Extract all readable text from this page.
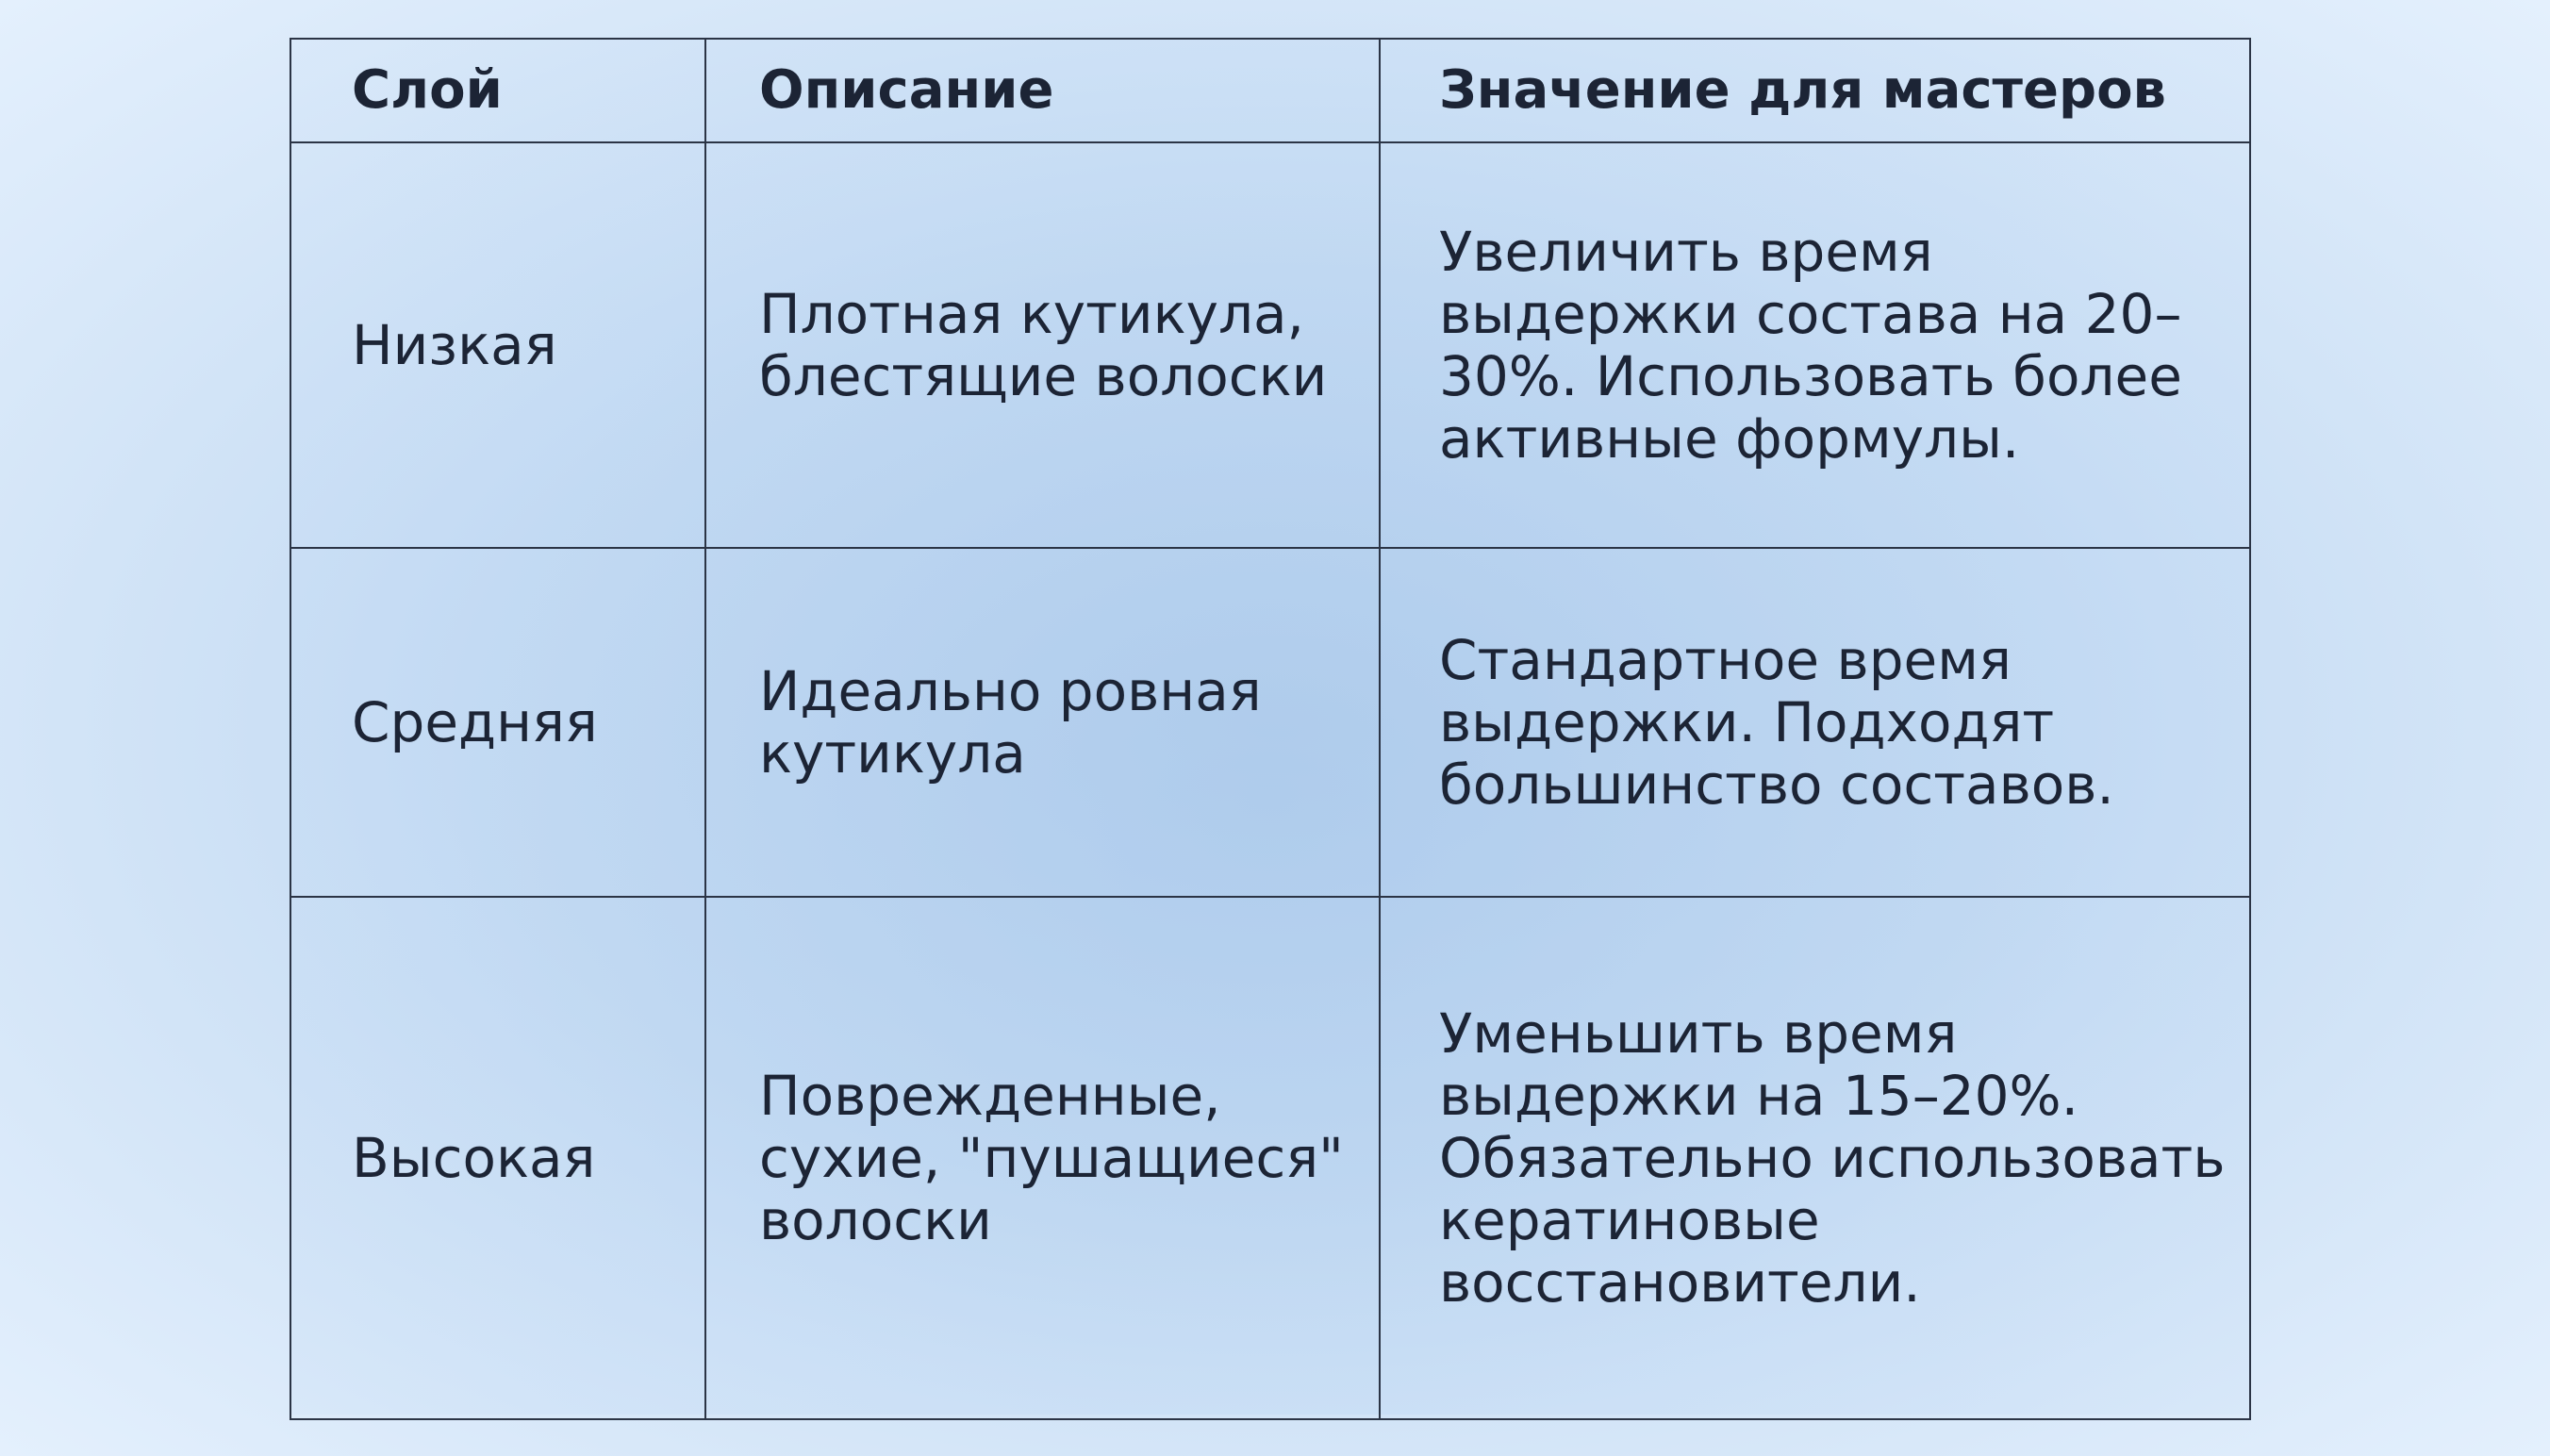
Слой	Описание	Значение для мастеров
Низкая	Плотная кутикула, блестящие волоски	Увеличить время выдержки состава на 20–30%. Использовать более активные формулы.
Средняя	Идеально ровная кутикула	Стандартное время выдержки. Подходят большинство составов.
Высокая	Поврежденные, сухие, "пушащиеся" волоски	Уменьшить время выдержки на 15–20%. Обязательно использовать кератиновые восстановители.
